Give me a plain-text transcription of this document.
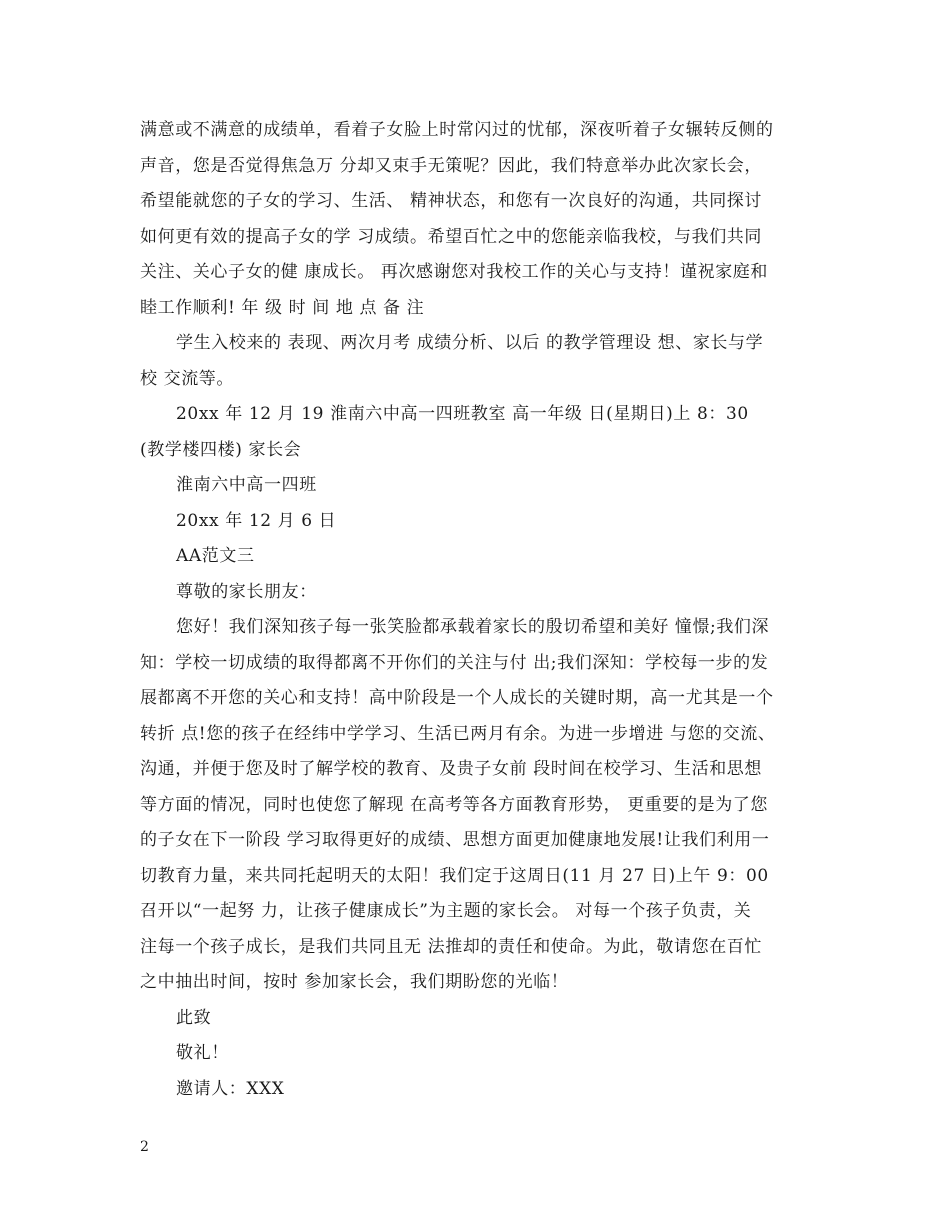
满意或不满意的成绩单，看着子女脸上时常闪过的忧郁，深夜听着子女辗转反侧的
声音，您是否觉得焦急万 分却又束手无策呢？因此，我们特意举办此次家长会，
希望能就您的子女的学习、生活、 精神状态，和您有一次良好的沟通，共同探讨
如何更有效的提高子女的学 习成绩。希望百忙之中的您能亲临我校，与我们共同
关注、关心子女的健 康成长。 再次感谢您对我校工作的关心与支持！谨祝家庭和
睦工作顺利! 年 级 时 间 地 点 备 注
学生入校来的 表现、两次月考 成绩分析、以后 的教学管理设 想、家长与学
校 交流等。
20xx 年 12 月 19 淮南六中高一四班教室 高一年级 日(星期日)上 8：30
(教学楼四楼) 家长会
淮南六中高一四班
20xx 年 12 月 6 日
AA范文三
尊敬的家长朋友：
您好！我们深知孩子每一张笑脸都承载着家长的殷切希望和美好 憧憬;我们深
知：学校一切成绩的取得都离不开你们的关注与付 出;我们深知：学校每一步的发
展都离不开您的关心和支持！高中阶段是一个人成长的关键时期，高一尤其是一个
转折 点!您的孩子在经纬中学学习、生活已两月有余。为进一步增进 与您的交流、
沟通，并便于您及时了解学校的教育、及贵子女前 段时间在校学习、生活和思想
等方面的情况，同时也使您了解现 在高考等各方面教育形势， 更重要的是为了您
的子女在下一阶段 学习取得更好的成绩、思想方面更加健康地发展!让我们利用一
切教育力量，来共同托起明天的太阳！我们定于这周日(11 月 27 日)上午 9：00
召开以“一起努 力，让孩子健康成长”为主题的家长会。 对每一个孩子负责，关
注每一个孩子成长，是我们共同且无 法推却的责任和使命。为此，敬请您在百忙
之中抽出时间，按时 参加家长会，我们期盼您的光临！
此致
敬礼！
邀请人：XXX
2
